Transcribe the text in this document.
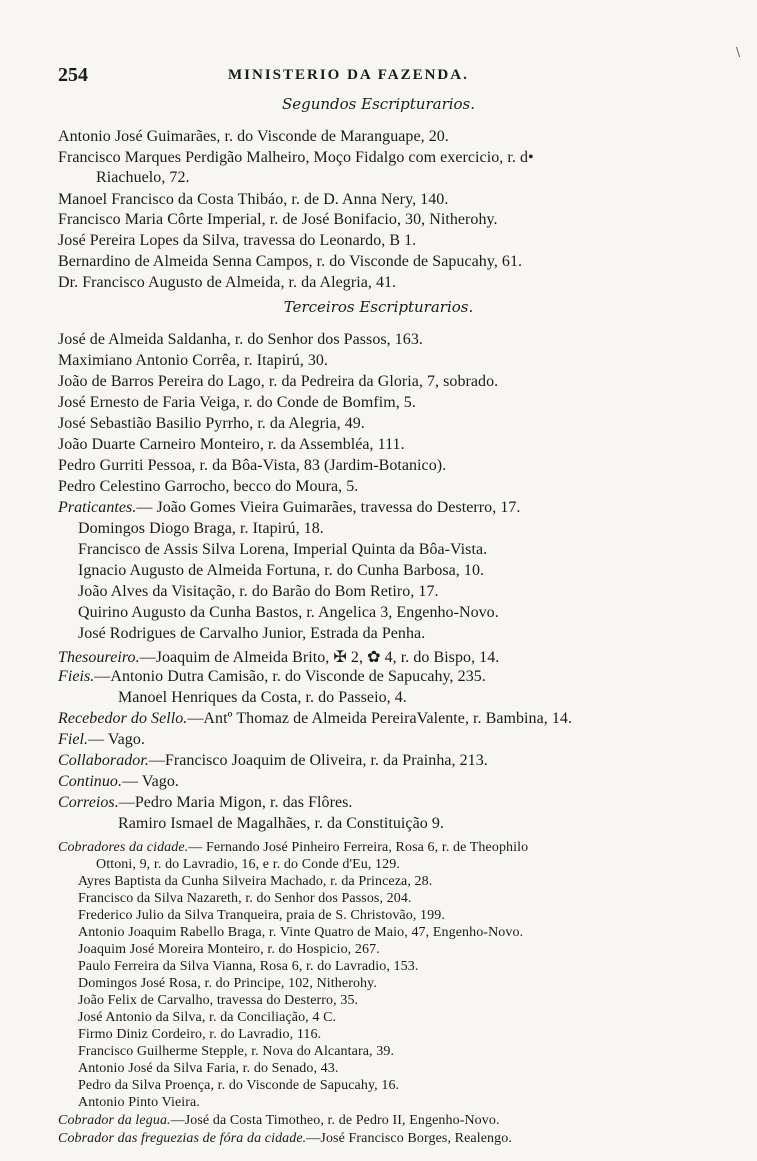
\
254	MINISTERIO DA FAZENDA.
Segundos Escripturarios.
Antonio José Guimarães, r. do Visconde de Maranguape, 20.
Francisco Marques Perdigão Malheiro, Moço Fidalgo com exercicio, r. d•
Riachuelo, 72.
Manoel Francisco da Costa Thibáo, r. de D. Anna Nery, 140.
Francisco Maria Côrte Imperial, r. de José Bonifacio, 30, Nitherohy.
José Pereira Lopes da Silva, travessa do Leonardo, B 1.
Bernardino de Almeida Senna Campos, r. do Visconde de Sapucahy, 61.
Dr. Francisco Augusto de Almeida, r. da Alegria, 41.
Terceiros Escripturarios.
José de Almeida Saldanha, r. do Senhor dos Passos, 163.
Maximiano Antonio Corrêa, r. Itapirú, 30.
João de Barros Pereira do Lago, r. da Pedreira da Gloria, 7, sobrado.
José Ernesto de Faria Veiga, r. do Conde de Bomfim, 5.
José Sebastião Basilio Pyrrho, r. da Alegria, 49.
João Duarte Carneiro Monteiro, r. da Assembléa, 111.
Pedro Gurriti Pessoa, r. da Bôa-Vista, 83 (Jardim-Botanico).
Pedro Celestino Garrocho, becco do Moura, 5.
Praticantes.— João Gomes Vieira Guimarães, travessa do Desterro, 17.
Domingos Diogo Braga, r. Itapirú, 18.
Francisco de Assis Silva Lorena, Imperial Quinta da Bôa-Vista.
Ignacio Augusto de Almeida Fortuna, r. do Cunha Barbosa, 10.
João Alves da Visitação, r. do Barão do Bom Retiro, 17.
Quirino Augusto da Cunha Bastos, r. Angelica 3, Engenho-Novo.
José Rodrigues de Carvalho Junior, Estrada da Penha.
Thesoureiro.—Joaquim de Almeida Brito, ✠ 2, ✿ 4, r. do Bispo, 14.
Fieis.—Antonio Dutra Camisão, r. do Visconde de Sapucahy, 235.
Manoel Henriques da Costa, r. do Passeio, 4.
Recebedor do Sello.—Antº Thomaz de Almeida PereiraValente, r. Bambina, 14.
Fiel.— Vago.
Collaborador.—Francisco Joaquim de Oliveira, r. da Prainha, 213.
Continuo.— Vago.
Correios.—Pedro Maria Migon, r. das Flôres.
Ramiro Ismael de Magalhães, r. da Constituição 9.
Cobradores da cidade.— Fernando José Pinheiro Ferreira, Rosa 6, r. de Theophilo
Ottoni, 9, r. do Lavradio, 16, e r. do Conde d'Eu, 129.
Ayres Baptista da Cunha Silveira Machado, r. da Princeza, 28.
Francisco da Silva Nazareth, r. do Senhor dos Passos, 204.
Frederico Julio da Silva Tranqueira, praia de S. Christovão, 199.
Antonio Joaquim Rabello Braga, r. Vinte Quatro de Maio, 47, Engenho-Novo.
Joaquim José Moreira Monteiro, r. do Hospicio, 267.
Paulo Ferreira da Silva Vianna, Rosa 6, r. do Lavradio, 153.
Domingos José Rosa, r. do Principe, 102, Nitherohy.
João Felix de Carvalho, travessa do Desterro, 35.
José Antonio da Silva, r. da Conciliação, 4 C.
Firmo Diniz Cordeiro, r. do Lavradio, 116.
Francisco Guilherme Stepple, r. Nova do Alcantara, 39.
Antonio José da Silva Faria, r. do Senado, 43.
Pedro da Silva Proença, r. do Visconde de Sapucahy, 16.
Antonio Pinto Vieira.
Cobrador da legua.—José da Costa Timotheo, r. de Pedro II, Engenho-Novo.
Cobrador das freguezias de fóra da cidade.—José Francisco Borges, Realengo.
